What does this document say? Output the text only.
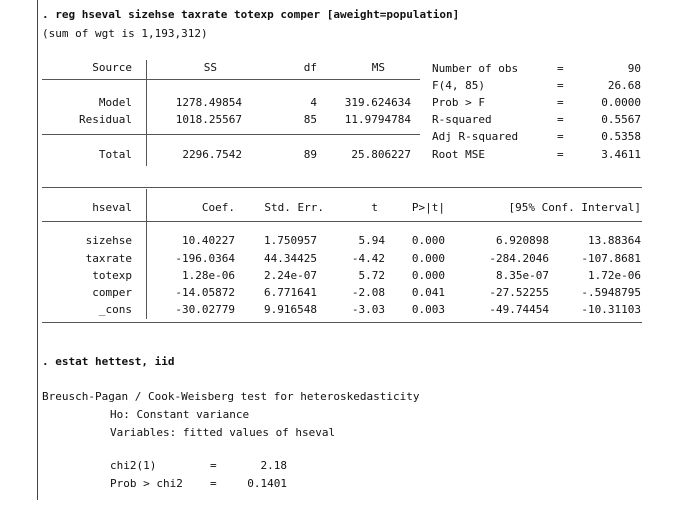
. reg hseval sizehse taxrate totexp comper [aweight=population]
(sum of wgt is 1,193,312)
Source	SS	df	MS
Model	1278.49854	4	319.624634
Residual	1018.25567	85	11.9794784
Total	2296.7542	89	25.806227
Number of obs	=	90
F(4, 85)	=	26.68
Prob > F	=	0.0000
R-squared	=	0.5567
Adj R-squared	=	0.5358
Root MSE	=	3.4611
hseval	Coef.	Std. Err.	t	P>|t|	[95% Conf. Interval]
sizehse	10.40227	1.750957	5.94	0.000	6.920898	13.88364
taxrate	-196.0364	44.34425	-4.42	0.000	-284.2046	-107.8681
totexp	1.28e-06	2.24e-07	5.72	0.000	8.35e-07	1.72e-06
comper	-14.05872	6.771641	-2.08	0.041	-27.52255	-.5948795
_cons	-30.02779	9.916548	-3.03	0.003	-49.74454	-10.31103
. estat hettest, iid
Breusch-Pagan / Cook-Weisberg test for heteroskedasticity
Ho: Constant variance
Variables: fitted values of hseval
chi2(1)	=	2.18
Prob > chi2 =	0.1401
